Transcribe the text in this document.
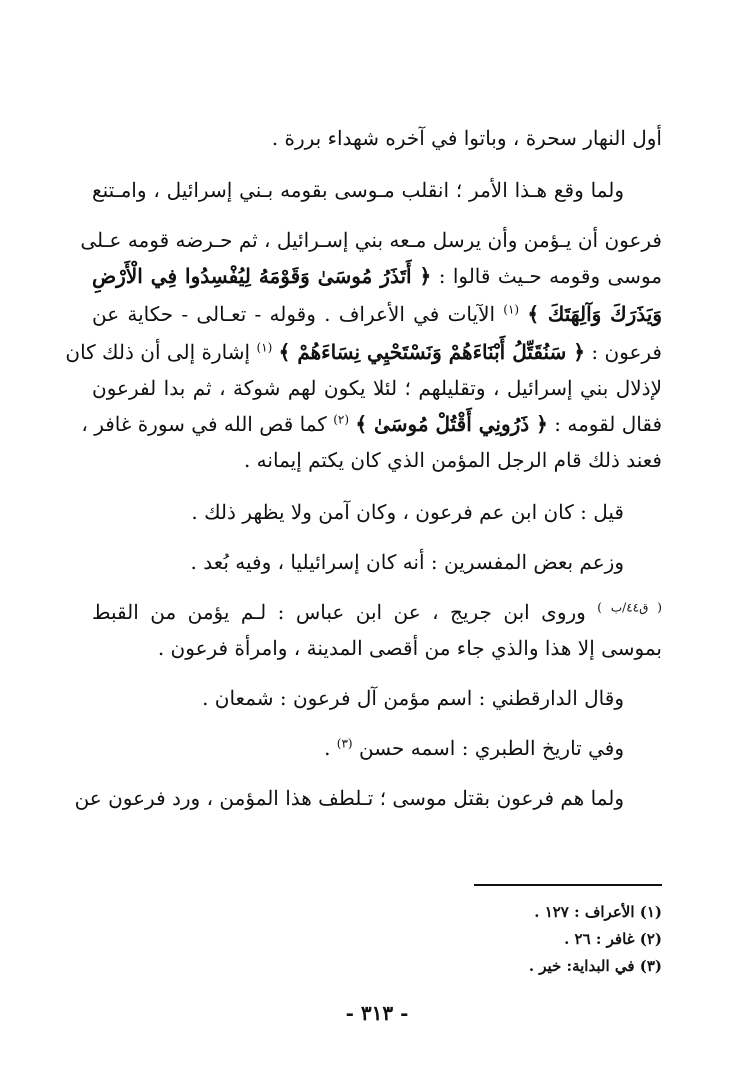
أول النهار سحرة ، وباتوا في آخره شهداء بررة .
ولما وقع هـذا الأمر ؛ انقلب مـوسى بقومه بـني إسرائيل ، وامـتنع
فرعون أن يـؤمن وأن يرسل مـعه بني إسـرائيل ، ثم حـرضه قومه عـلى
موسى وقومه حـيث قالوا : ﴿ أَتَذَرُ مُوسَىٰ وَقَوْمَهُ لِيُفْسِدُوا فِي الْأَرْضِ
وَيَذَرَكَ وَآلِهَتَكَ ﴾ $^{(١)}$ الآيات في الأعراف . وقوله - تعـالى - حكاية عن
فرعون : ﴿ سَنُقَتِّلُ أَبْنَاءَهُمْ وَنَسْتَحْيِي نِسَاءَهُمْ ﴾ $^{(١)}$ إشارة إلى أن ذلك كان
لإذلال بني إسرائيل ، وتقليلهم ؛ لئلا يكون لهم شوكة ، ثم بدا لفرعون
فقال لقومه : ﴿ ذَرُونِي أَقْتُلْ مُوسَىٰ ﴾ $^{(٢)}$ كما قص الله في سورة غافر ،
فعند ذلك قام الرجل المؤمن الذي كان يكتم إيمانه .
قيل : كان ابن عم فرعون ، وكان آمن ولا يظهر ذلك .
وزعم بعض المفسرين : أنه كان إسرائيليا ، وفيه بُعد .
$^{( ق٤٤/ب )}$ وروى ابن جريج ، عن ابن عباس : لـم يؤمن من القبط
بموسى إلا هذا والذي جاء من أقصى المدينة ، وامرأة فرعون .
وقال الدارقطني : اسم مؤمن آل فرعون : شمعان .
وفي تاريخ الطبري : اسمه حسن $^{(٣)}$ .
ولما هم فرعون بقتل موسى ؛ تـلطف هذا المؤمن ، ورد فرعون عن
(١) الأعراف : ١٢٧ .
(٢) غافر : ٢٦ .
(٣) في البداية: خير .
- ٣١٣ -
